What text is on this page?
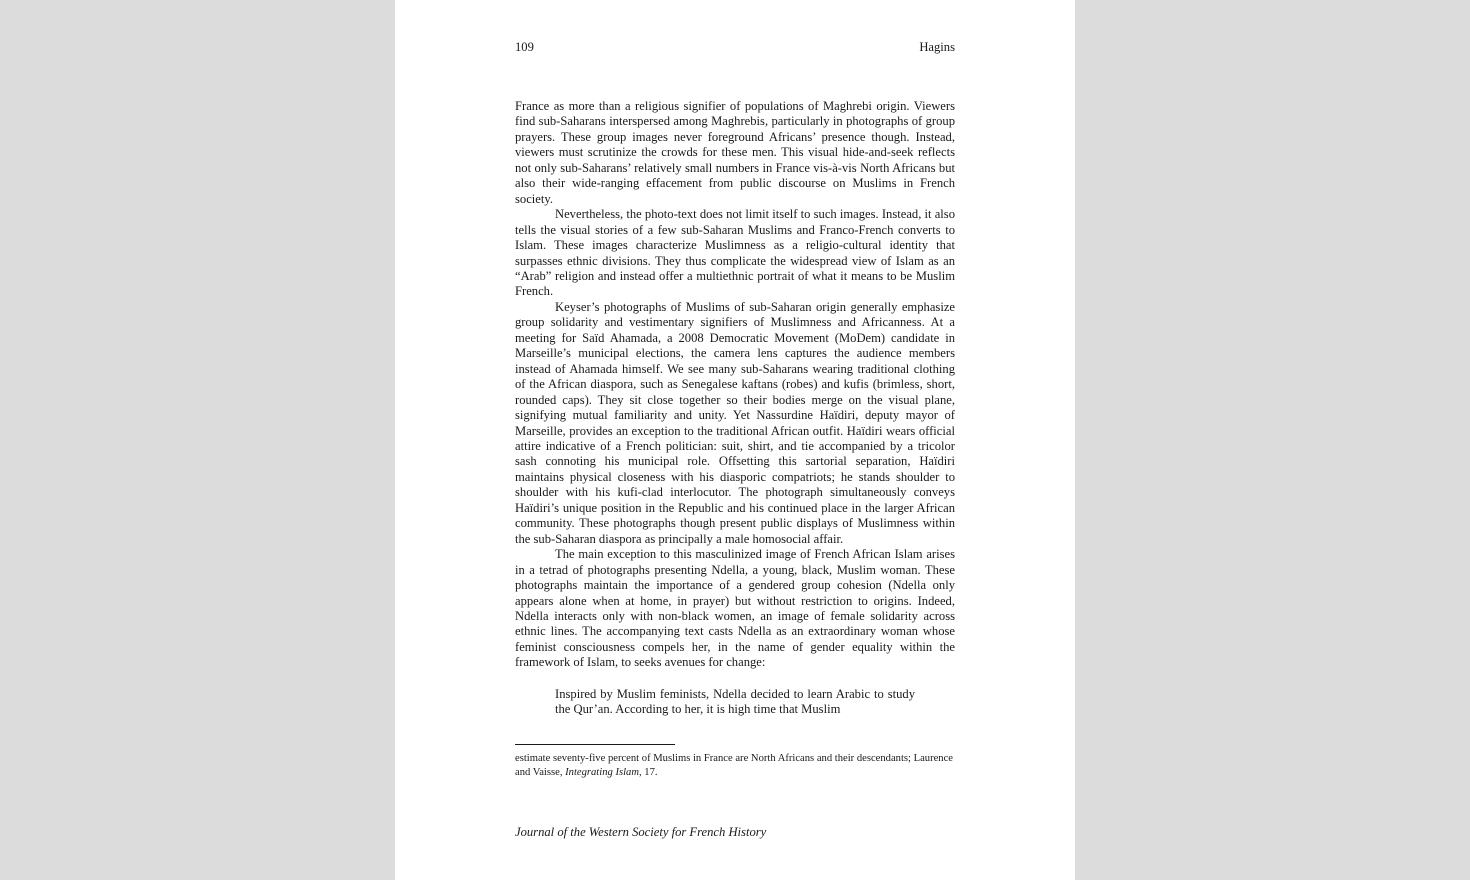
109	Hagins

France as more than a religious signifier of populations of Maghrebi origin. Viewers find sub-Saharans interspersed among Maghrebis, particularly in photographs of group prayers. These group images never foreground Africans’ presence though. Instead, viewers must scrutinize the crowds for these men. This visual hide-and-seek reflects not only sub-Saharans’ relatively small numbers in France vis-à-vis North Africans but also their wide-ranging effacement from public discourse on Muslims in French society.

Nevertheless, the photo-text does not limit itself to such images. Instead, it also tells the visual stories of a few sub-Saharan Muslims and Franco-French converts to Islam. These images characterize Muslimness as a religio-cultural identity that surpasses ethnic divisions. They thus complicate the widespread view of Islam as an “Arab” religion and instead offer a multiethnic portrait of what it means to be Muslim French.

Keyser’s photographs of Muslims of sub-Saharan origin generally emphasize group solidarity and vestimentary signifiers of Muslimness and Africanness. At a meeting for Saïd Ahamada, a 2008 Democratic Movement (MoDem) candidate in Marseille’s municipal elections, the camera lens captures the audience members instead of Ahamada himself. We see many sub-Saharans wearing traditional clothing of the African diaspora, such as Senegalese kaftans (robes) and kufis (brimless, short, rounded caps). They sit close together so their bodies merge on the visual plane, signifying mutual familiarity and unity. Yet Nassurdine Haïdiri, deputy mayor of Marseille, provides an exception to the traditional African outfit. Haïdiri wears official attire indicative of a French politician: suit, shirt, and tie accompanied by a tricolor sash connoting his municipal role. Offsetting this sartorial separation, Haïdiri maintains physical closeness with his diasporic compatriots; he stands shoulder to shoulder with his kufi-clad interlocutor. The photograph simultaneously conveys Haïdiri’s unique position in the Republic and his continued place in the larger African community. These photographs though present public displays of Muslimness within the sub-Saharan diaspora as principally a male homosocial affair.

The main exception to this masculinized image of French African Islam arises in a tetrad of photographs presenting Ndella, a young, black, Muslim woman. These photographs maintain the importance of a gendered group cohesion (Ndella only appears alone when at home, in prayer) but without restriction to origins. Indeed, Ndella interacts only with non-black women, an image of female solidarity across ethnic lines. The accompanying text casts Ndella as an extraordinary woman whose feminist consciousness compels her, in the name of gender equality within the framework of Islam, to seeks avenues for change:

Inspired by Muslim feminists, Ndella decided to learn Arabic to study the Qur’an. According to her, it is high time that Muslim

estimate seventy-five percent of Muslims in France are North Africans and their descendants; Laurence and Vaisse, Integrating Islam, 17.
Journal of the Western Society for French History
